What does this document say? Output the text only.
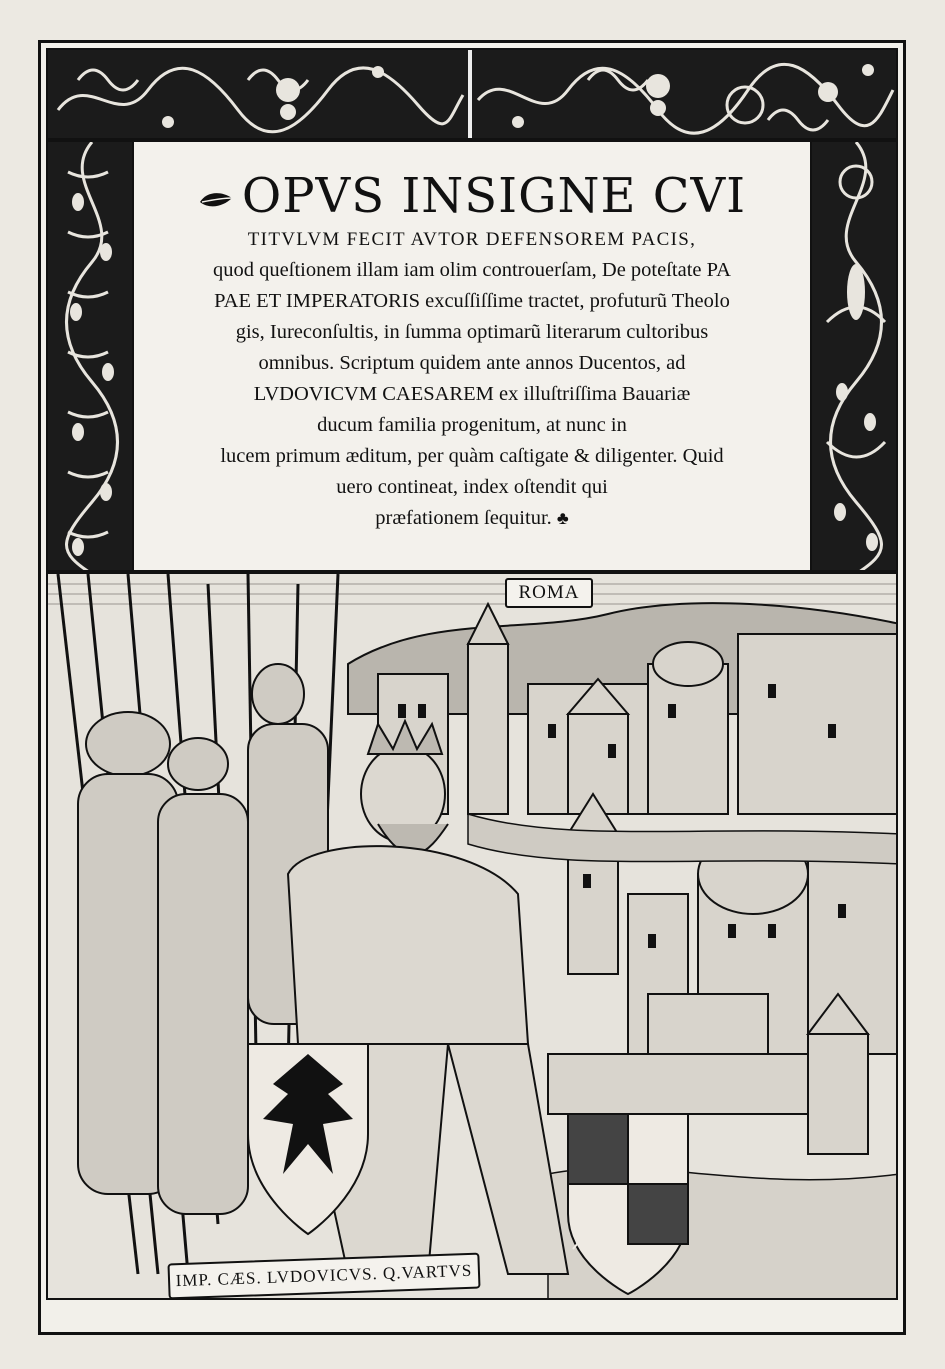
OPVS INSIGNE CVI
TITVLVM FECIT AVTOR DEFENSOREM PACIS,
quod queſtionem illam iam olim controuerſam, De poteſtate PA
PAE ET IMPERATORIS excuſſiſſime tractet, profuturũ Theolo
gis, Iureconſultis, in ſumma optimarũ literarum cultoribus
omnibus. Scriptum quidem ante annos Ducentos, ad
LVDOVICVM CAESAREM ex illuſtriſſima Bauariæ
ducum familia progenitum, at nunc in
lucem primum æditum, per quàm caſtigate & diligenter. Quid
uero contineat, index oſtendit qui
præfationem ſequitur. ♣
ROMA
IMP. CÆS. LVDOVICVS. Q.VARTVS
